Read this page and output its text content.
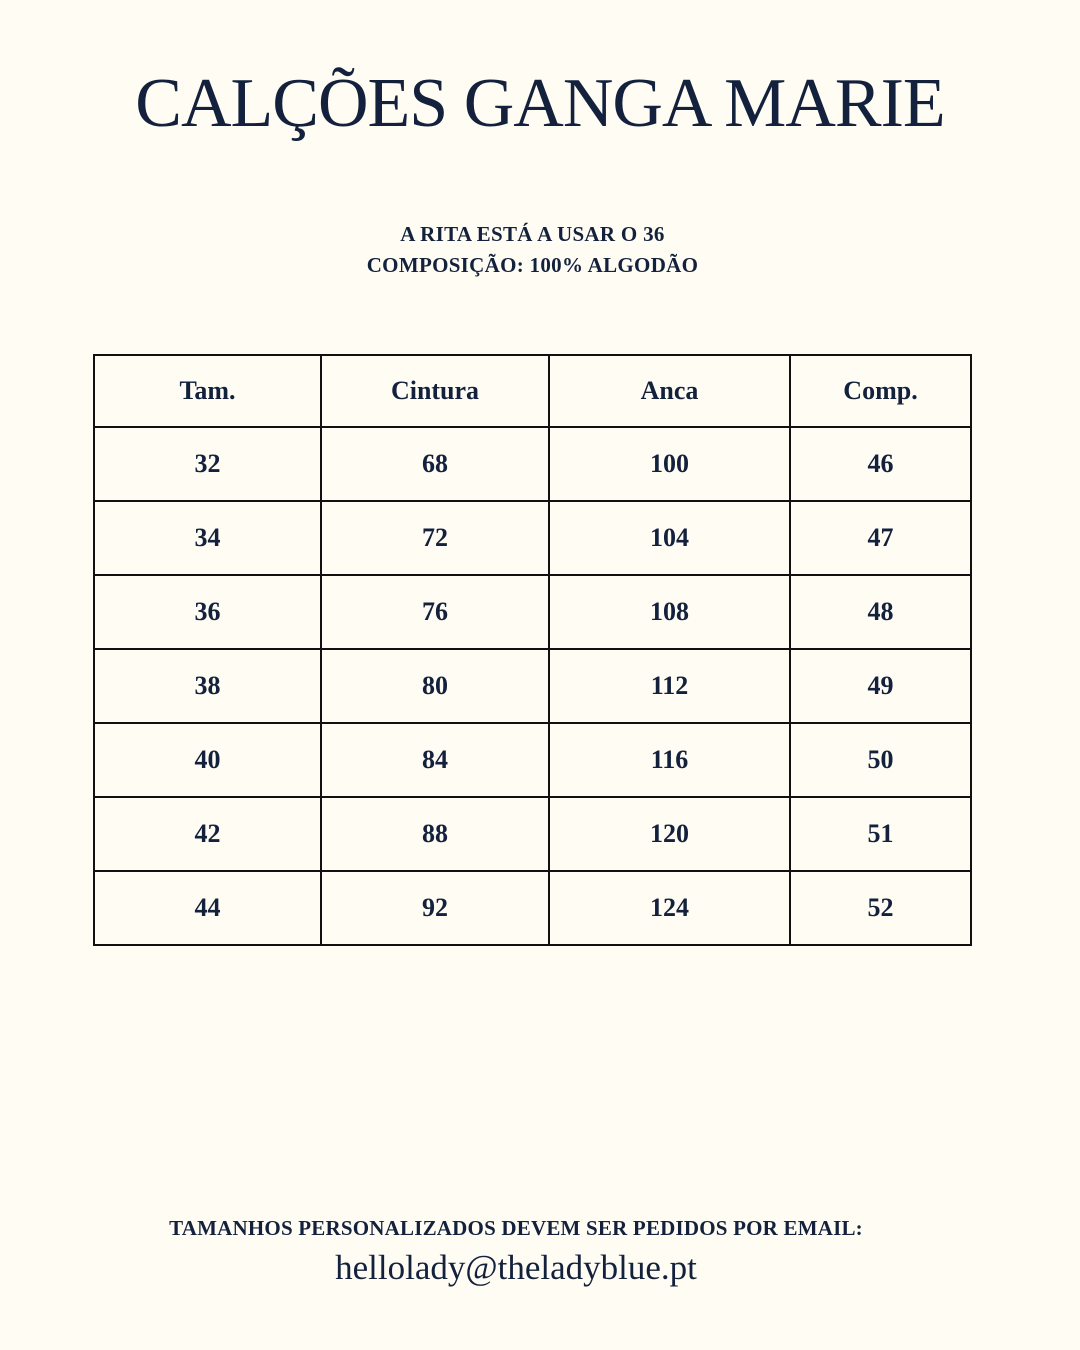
CALÇÕES GANGA MARIE
A RITA ESTÁ A USAR O 36
COMPOSIÇÃO: 100% ALGODÃO
Tam.	Cintura	Anca	Comp.
32	68	100	46
34	72	104	47
36	76	108	48
38	80	112	49
40	84	116	50
42	88	120	51
44	92	124	52
TAMANHOS PERSONALIZADOS DEVEM SER PEDIDOS POR EMAIL:
hellolady@theladyblue.pt
